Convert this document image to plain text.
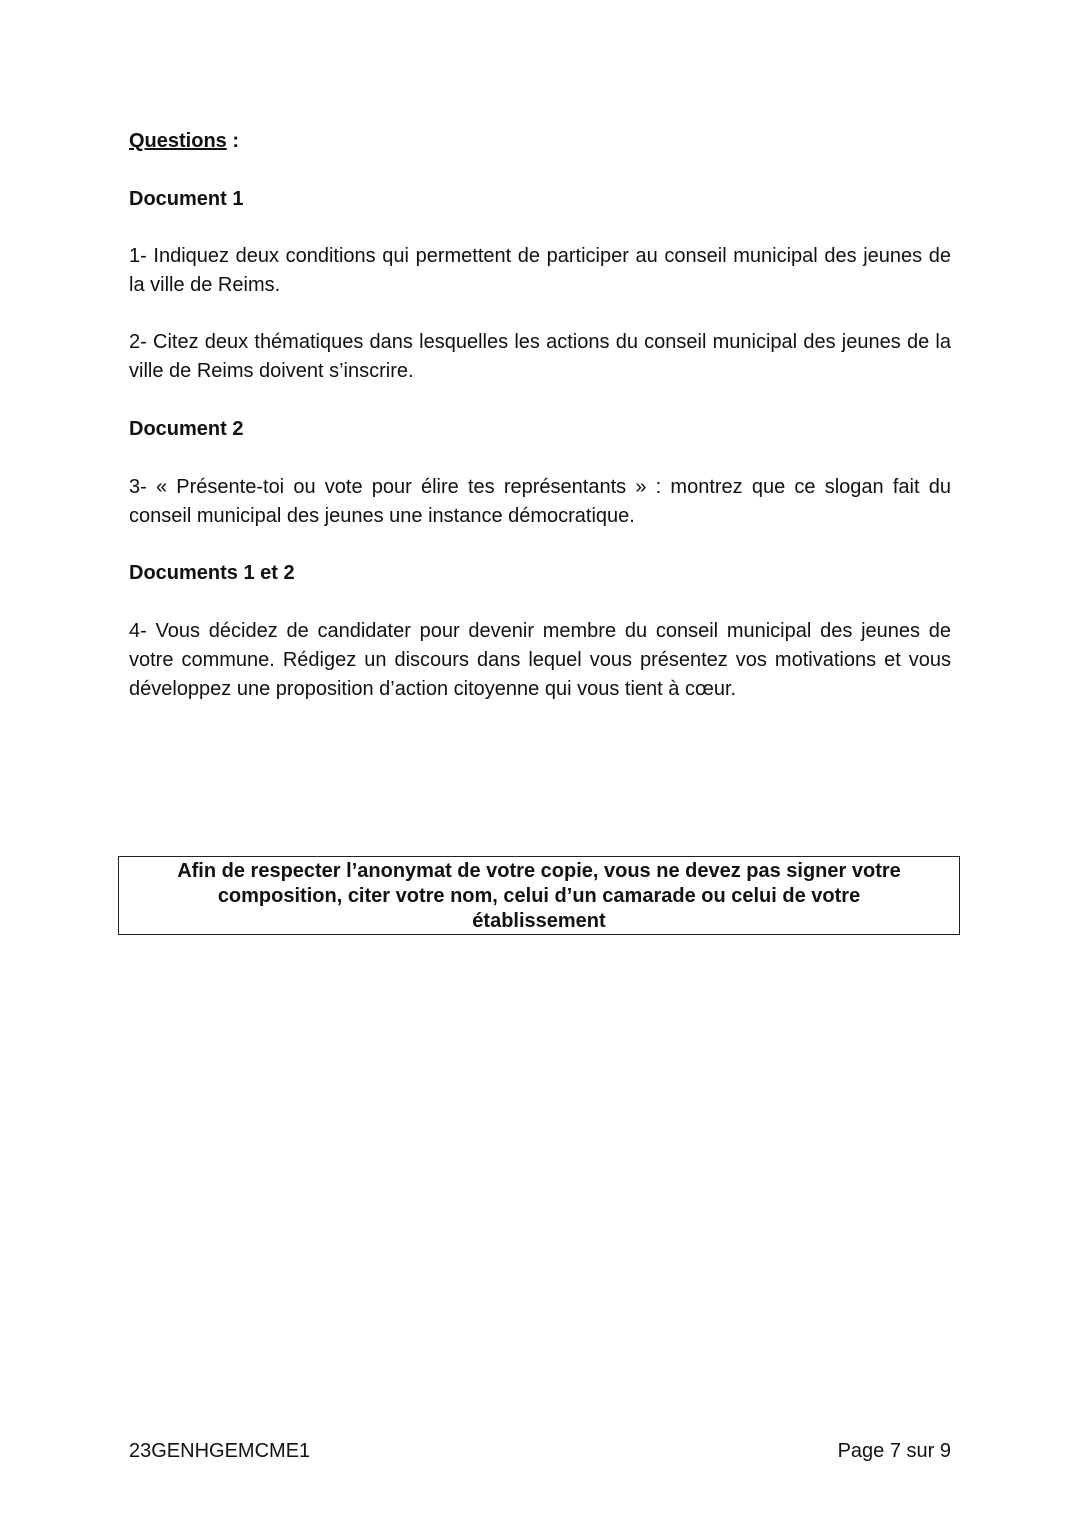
Questions :
Document 1
1- Indiquez deux conditions qui permettent de participer au conseil municipal des jeunes de la ville de Reims.
2- Citez deux thématiques dans lesquelles les actions du conseil municipal des jeunes de la ville de Reims doivent s’inscrire.
Document 2
3- « Présente-toi ou vote pour élire tes représentants » : montrez que ce slogan fait du conseil municipal des jeunes une instance démocratique.
Documents 1 et 2
4- Vous décidez de candidater pour devenir membre du conseil municipal des jeunes de votre commune. Rédigez un discours dans lequel vous présentez vos motivations et vous développez une proposition d’action citoyenne qui vous tient à cœur.
Afin de respecter l’anonymat de votre copie, vous ne devez pas signer votre
composition, citer votre nom, celui d’un camarade ou celui de votre
établissement
23GENHGEMCME1	Page 7 sur 9
